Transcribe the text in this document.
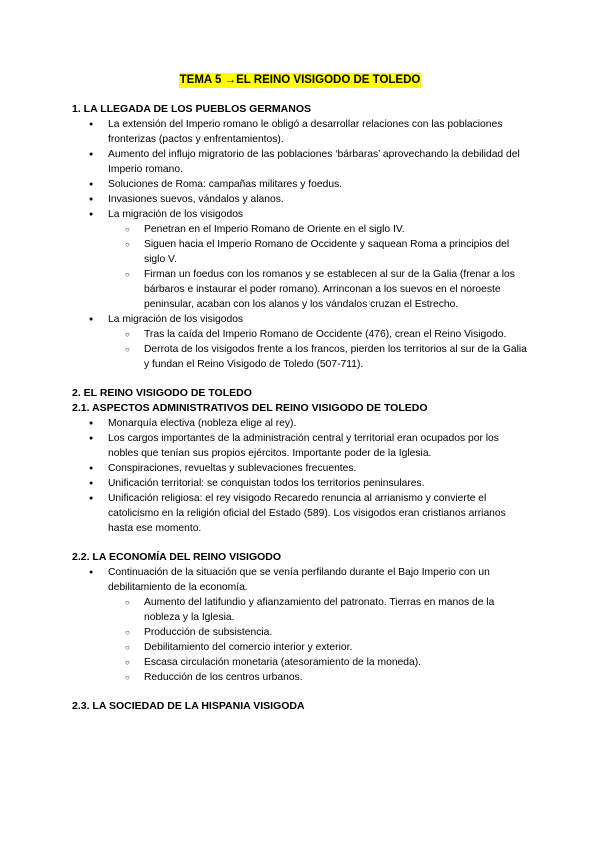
TEMA 5 →EL REINO VISIGODO DE TOLEDO
1. LA LLEGADA DE LOS PUEBLOS GERMANOS
● La extensión del Imperio romano le obligó a desarrollar relaciones con las poblaciones fronterizas (pactos y enfrentamientos).
● Aumento del influjo migratorio de las poblaciones ‘bárbaras’ aprovechando la debilidad del Imperio romano.
● Soluciones de Roma: campañas militares y foedus.
● Invasiones suevos, vándalos y alanos.
● La migración de los visigodos
○ Penetran en el Imperio Romano de Oriente en el siglo IV.
○ Siguen hacia el Imperio Romano de Occidente y saquean Roma a principios del siglo V.
○ Firman un foedus con los romanos y se establecen al sur de la Galia (frenar a los bárbaros e instaurar el poder romano). Arrinconan a los suevos en el noroeste peninsular, acaban con los alanos y los vándalos cruzan el Estrecho.
● La migración de los visigodos
○ Tras la caída del Imperio Romano de Occidente (476), crean el Reino Visigodo.
○ Derrota de los visigodos frente a los francos, pierden los territorios al sur de la Galia y fundan el Reino Visigodo de Toledo (507-711).
2. EL REINO VISIGODO DE TOLEDO
2.1. ASPECTOS ADMINISTRATIVOS DEL REINO VISIGODO DE TOLEDO
● Monarquía electiva (nobleza elige al rey).
● Los cargos importantes de la administración central y territorial eran ocupados por los nobles que tenían sus propios ejércitos. Importante poder de la Iglesia.
● Conspiraciones, revueltas y sublevaciones frecuentes.
● Unificación territorial: se conquistan todos los territorios peninsulares.
● Unificación religiosa: el rey visigodo Recaredo renuncia al arrianismo y convierte el catolicismo en la religión oficial del Estado (589). Los visigodos eran cristianos arrianos hasta ese momento.
2.2. LA ECONOMÍA DEL REINO VISIGODO
● Continuación de la situación que se venía perfilando durante el Bajo Imperio con un debilitamiento de la economía.
○ Aumento del latifundio y afianzamiento del patronato. Tierras en manos de la nobleza y la Iglesia.
○ Producción de subsistencia.
○ Debilitamiento del comercio interior y exterior.
○ Escasa circulación monetaria (atesoramiento de la moneda).
○ Reducción de los centros urbanos.
2.3. LA SOCIEDAD DE LA HISPANIA VISIGODA
